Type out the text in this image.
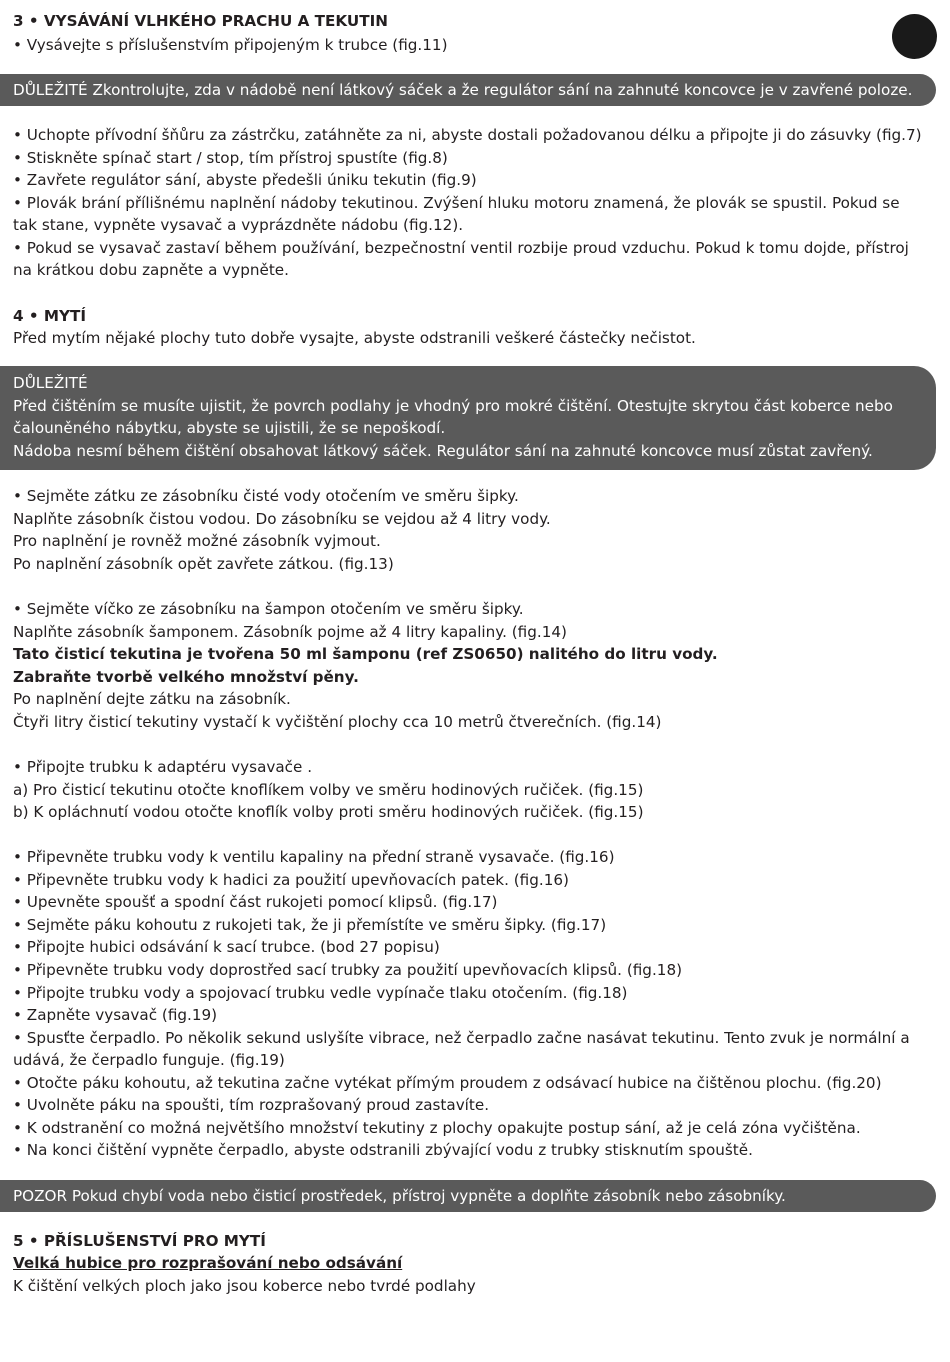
3 • VYSÁVÁNÍ VLHKÉHO PRACHU A TEKUTIN
• Vysávejte s příslušenstvím připojeným k trubce (fig.11)
DŮLEŽITÉ Zkontrolujte, zda v nádobě není látkový sáček a že regulátor sání na zahnuté koncovce je v zavřené poloze.
• Uchopte přívodní šňůru za zástrčku, zatáhněte za ni, abyste dostali požadovanou délku a připojte ji do zásuvky (fig.7)
• Stiskněte spínač start / stop, tím přístroj spustíte (fig.8)
• Zavřete regulátor sání, abyste předešli úniku tekutin (fig.9)
• Plovák brání přílišnému naplnění nádoby tekutinou. Zvýšení hluku motoru znamená, že plovák se spustil. Pokud se
tak stane, vypněte vysavač a vyprázdněte nádobu (fig.12).
• Pokud se vysavač zastaví během používání, bezpečnostní ventil rozbije proud vzduchu. Pokud k tomu dojde, přístroj
na krátkou dobu zapněte a vypněte.
4 • MYTÍ
Před mytím nějaké plochy tuto dobře vysajte, abyste odstranili veškeré částečky nečistot.
DŮLEŽITÉ
Před čištěním se musíte ujistit, že povrch podlahy je vhodný pro mokré čištění. Otestujte skrytou část koberce nebo
čalouněného nábytku, abyste se ujistili, že se nepoškodí.
Nádoba nesmí během čištění obsahovat látkový sáček. Regulátor sání na zahnuté koncovce musí zůstat zavřený.
• Sejměte zátku ze zásobníku čisté vody otočením ve směru šipky.
Naplňte zásobník čistou vodou. Do zásobníku se vejdou až 4 litry vody.
Pro naplnění je rovněž možné zásobník vyjmout.
Po naplnění zásobník opět zavřete zátkou. (fig.13)
• Sejměte víčko ze zásobníku na šampon otočením ve směru šipky.
Naplňte zásobník šamponem. Zásobník pojme až 4 litry kapaliny. (fig.14)
Tato čisticí tekutina je tvořena 50 ml šamponu (ref ZS0650) nalitého do litru vody.
Zabraňte tvorbě velkého množství pěny.
Po naplnění dejte zátku na zásobník.
Čtyři litry čisticí tekutiny vystačí k vyčištění plochy cca 10 metrů čtverečních. (fig.14)
• Připojte trubku k adaptéru vysavače .
a) Pro čisticí tekutinu otočte knoflíkem volby ve směru hodinových ručiček. (fig.15)
b) K opláchnutí vodou otočte knoflík volby proti směru hodinových ručiček. (fig.15)
• Připevněte trubku vody k ventilu kapaliny na přední straně vysavače. (fig.16)
• Připevněte trubku vody k hadici za použití upevňovacích patek. (fig.16)
• Upevněte spoušť a spodní část rukojeti pomocí klipsů. (fig.17)
• Sejměte páku kohoutu z rukojeti tak, že ji přemístíte ve směru šipky. (fig.17)
• Připojte hubici odsávání k sací trubce. (bod 27 popisu)
• Připevněte trubku vody doprostřed sací trubky za použití upevňovacích klipsů. (fig.18)
• Připojte trubku vody a spojovací trubku vedle vypínače tlaku otočením. (fig.18)
• Zapněte vysavač (fig.19)
• Spusťte čerpadlo. Po několik sekund uslyšíte vibrace, než čerpadlo začne nasávat tekutinu. Tento zvuk je normální a
udává, že čerpadlo funguje. (fig.19)
• Otočte páku kohoutu, až tekutina začne vytékat přímým proudem z odsávací hubice na čištěnou plochu. (fig.20)
• Uvolněte páku na spoušti, tím rozprašovaný proud zastavíte.
• K odstranění co možná největšího množství tekutiny z plochy opakujte postup sání, až je celá zóna vyčištěna.
• Na konci čištění vypněte čerpadlo, abyste odstranili zbývající vodu z trubky stisknutím spouště.
POZOR Pokud chybí voda nebo čisticí prostředek, přístroj vypněte a doplňte zásobník nebo zásobníky.
5 • PŘÍSLUŠENSTVÍ PRO MYTÍ
Velká hubice pro rozprašování nebo odsávání
K čištění velkých ploch jako jsou koberce nebo tvrdé podlahy
